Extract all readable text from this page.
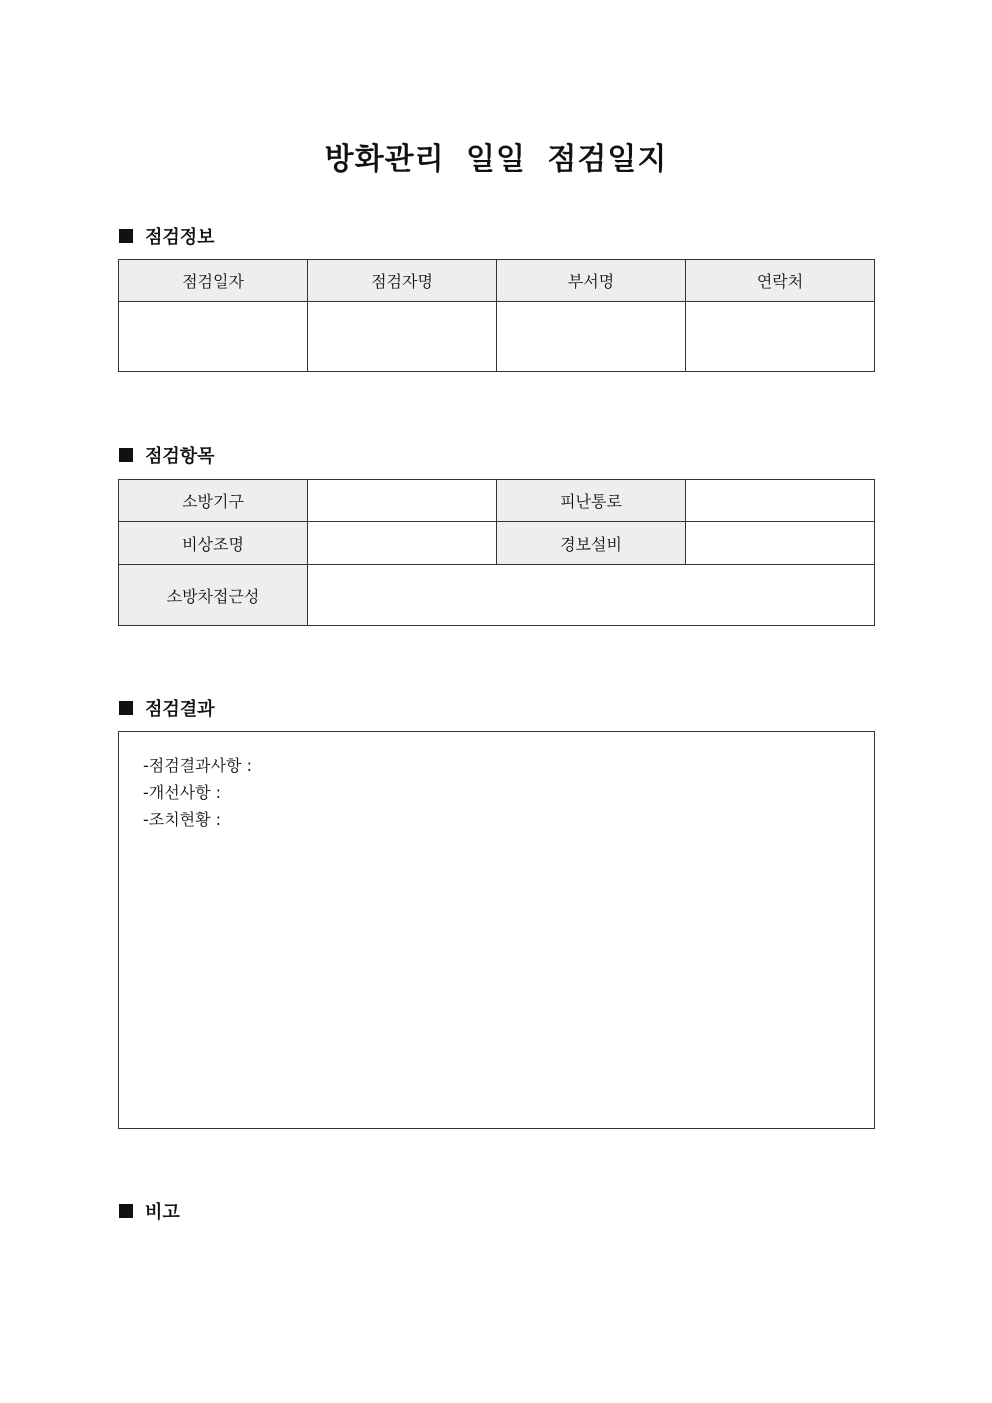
방화관리 일일 점검일지
점검정보
점검일자	점검자명	부서명	연락처

점검항목
소방기구		피난통로	
비상조명		경보설비	
소방차접근성			
점검결과
-점검결과사항 :
-개선사항 :
-조치현황 :
비고
